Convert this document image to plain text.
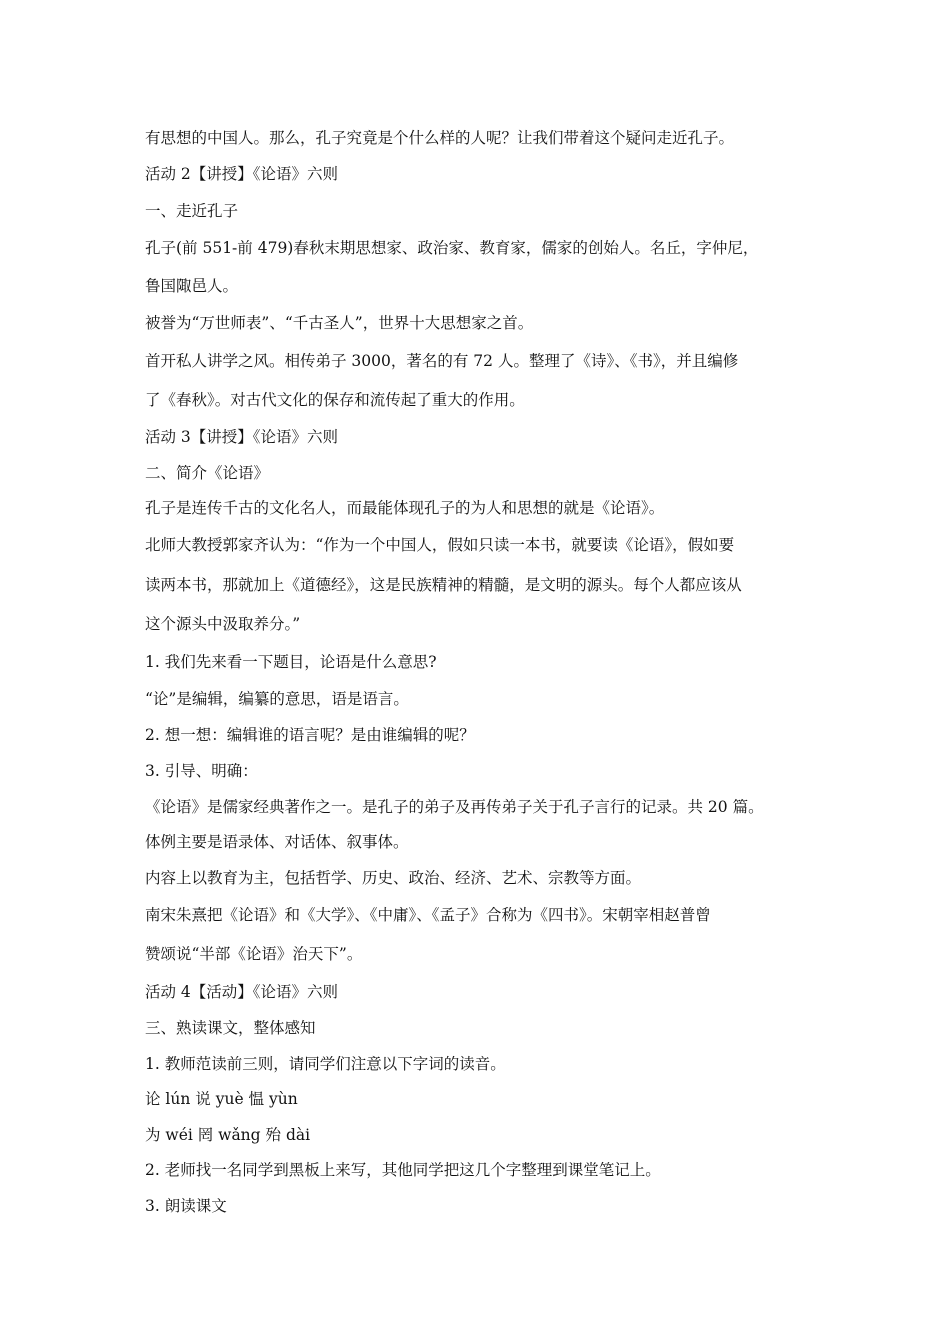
有思想的中国人。那么，孔子究竟是个什么样的人呢？让我们带着这个疑问走近孔子。
活动 2【讲授】《论语》六则
一、走近孔子
孔子(前 551-前 479)春秋末期思想家、政治家、教育家，儒家的创始人。名丘，字仲尼，
鲁国陬邑人。
被誉为“万世师表”、“千古圣人”，世界十大思想家之首。
首开私人讲学之风。相传弟子 3000，著名的有 72 人。整理了《诗》、《书》，并且编修
了《春秋》。对古代文化的保存和流传起了重大的作用。
活动 3【讲授】《论语》六则
二、简介《论语》
孔子是连传千古的文化名人，而最能体现孔子的为人和思想的就是《论语》。
北师大教授郭家齐认为：“作为一个中国人，假如只读一本书，就要读《论语》，假如要
读两本书，那就加上《道德经》，这是民族精神的精髓，是文明的源头。每个人都应该从
这个源头中汲取养分。”
1. 我们先来看一下题目，论语是什么意思?
“论”是编辑，编纂的意思，语是语言。
2. 想一想：编辑谁的语言呢？是由谁编辑的呢？
3. 引导、明确：
《论语》是儒家经典著作之一。是孔子的弟子及再传弟子关于孔子言行的记录。共 20 篇。
体例主要是语录体、对话体、叙事体。
内容上以教育为主，包括哲学、历史、政治、经济、艺术、宗教等方面。
南宋朱熹把《论语》和《大学》、《中庸》、《孟子》合称为《四书》。宋朝宰相赵普曾
赞颂说“半部《论语》治天下”。
活动 4【活动】《论语》六则
三、熟读课文，整体感知
1. 教师范读前三则，请同学们注意以下字词的读音。
论 lún 说 yuè 愠 yùn
为 wéi 罔 wǎng 殆 dài
2. 老师找一名同学到黑板上来写，其他同学把这几个字整理到课堂笔记上。
3. 朗读课文
